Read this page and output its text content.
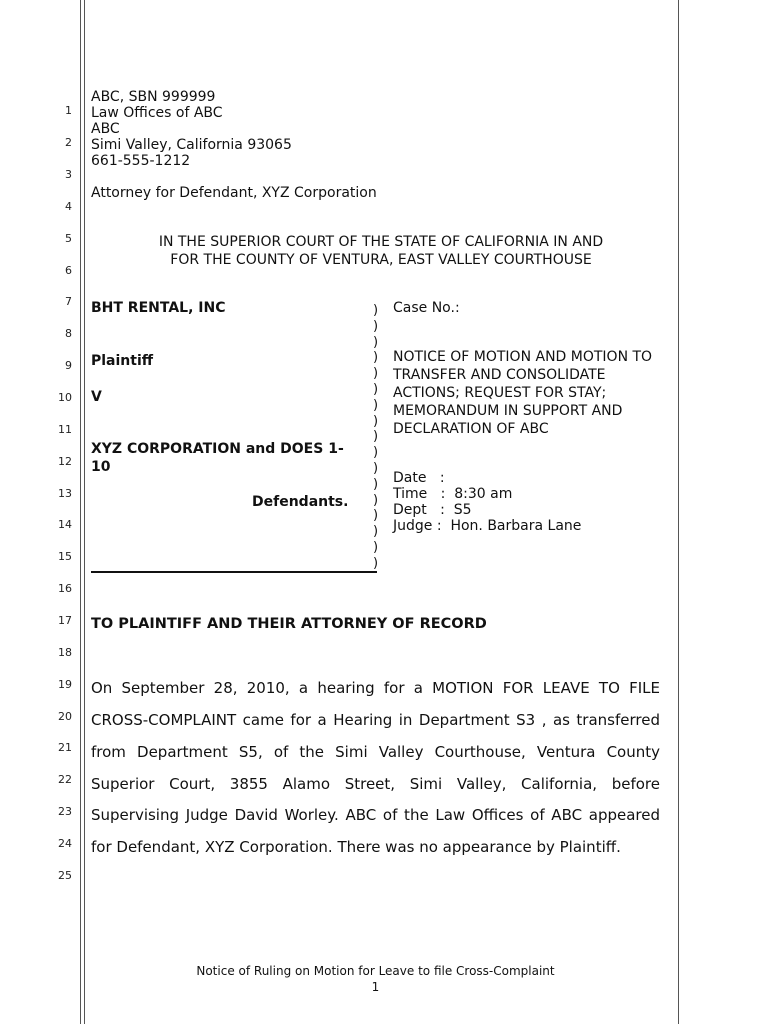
1
2
3
4
5
6
7
8
9
10
11
12
13
14
15
16
17
18
19
20
21
22
23
24
25
ABC, SBN 999999
Law Offices of ABC
ABC
Simi Valley, California 93065
661-555-1212
Attorney for Defendant, XYZ Corporation
IN THE SUPERIOR COURT OF THE STATE OF CALIFORNIA IN AND
FOR THE COUNTY OF VENTURA, EAST VALLEY COURTHOUSE
BHT RENTAL, INC
Plaintiff
V
XYZ CORPORATION and DOES 1-
10
Defendants.
)
)
)
)
)
)
)
)
)
)
)
)
)
)
)
)
)
Case No.:
NOTICE OF MOTION AND MOTION TO
TRANSFER AND CONSOLIDATE
ACTIONS; REQUEST FOR STAY;
MEMORANDUM IN SUPPORT AND
DECLARATION OF ABC
Date   :
Time   :  8:30 am
Dept   :  S5
Judge :  Hon. Barbara Lane
TO PLAINTIFF AND THEIR ATTORNEY OF RECORD
On September 28, 2010, a hearing for a MOTION FOR LEAVE TO FILE
CROSS-COMPLAINT came for a Hearing in Department S3 , as transferred
from Department S5, of the Simi Valley Courthouse, Ventura County
Superior Court, 3855 Alamo Street, Simi Valley, California, before
Supervising Judge David Worley. ABC of the Law Offices of ABC appeared
for Defendant, XYZ Corporation. There was no appearance by Plaintiff.
Notice of Ruling on Motion for Leave to file Cross-Complaint
1
